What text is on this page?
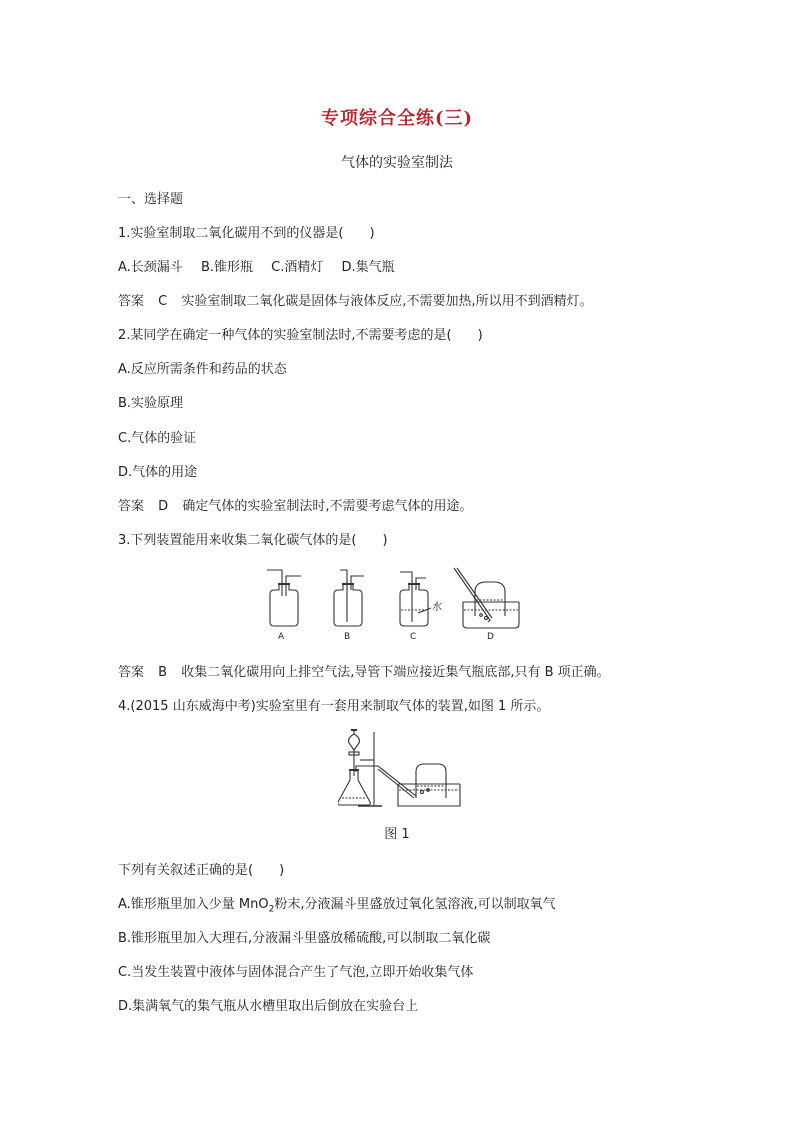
专项综合全练(三)
气体的实验室制法
一、选择题
1.实验室制取二氧化碳用不到的仪器是(　　)
A.长颈漏斗 B.锥形瓶 C.酒精灯 D.集气瓶
答案 C 实验室制取二氧化碳是固体与液体反应,不需要加热,所以用不到酒精灯。
2.某同学在确定一种气体的实验室制法时,不需要考虑的是(　　)
A.反应所需条件和药品的状态
B.实验原理
C.气体的验证
D.气体的用途
答案 D 确定气体的实验室制法时,不需要考虑气体的用途。
3.下列装置能用来收集二氧化碳气体的是(　　)
A	B	C	D
水
答案 B 收集二氧化碳用向上排空气法,导管下端应接近集气瓶底部,只有 B 项正确。
4.(2015 山东威海中考)实验室里有一套用来制取气体的装置,如图 1 所示。
图 1
下列有关叙述正确的是(　　)
A.锥形瓶里加入少量 MnO$_2$粉末,分液漏斗里盛放过氧化氢溶液,可以制取氧气
B.锥形瓶里加入大理石,分液漏斗里盛放稀硫酸,可以制取二氧化碳
C.当发生装置中液体与固体混合产生了气泡,立即开始收集气体
D.集满氧气的集气瓶从水槽里取出后倒放在实验台上
